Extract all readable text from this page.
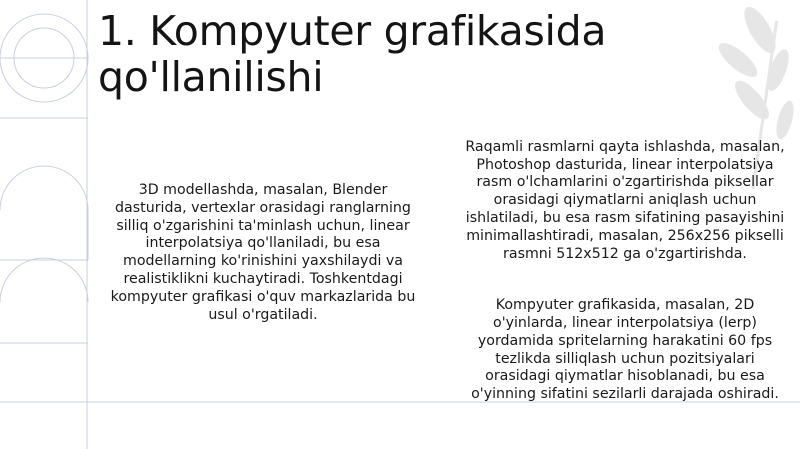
1. Kompyuter grafikasida
qo'llanilishi

3D modellashda, masalan, Blender
dasturida, vertexlar orasidagi ranglarning
silliq o'zgarishini ta'minlash uchun, linear
interpolatsiya qo'llaniladi, bu esa
modellarning ko'rinishini yaxshilaydi va
realistiklikni kuchaytiradi. Toshkentdagi
kompyuter grafikasi o'quv markazlarida bu
usul o'rgatiladi.

Raqamli rasmlarni qayta ishlashda, masalan,
Photoshop dasturida, linear interpolatsiya
rasm o'lchamlarini o'zgartirishda piksellar
orasidagi qiymatlarni aniqlash uchun
ishlatiladi, bu esa rasm sifatining pasayishini
minimallashtiradi, masalan, 256x256 pikselli
rasmni 512x512 ga o'zgartirishda.

Kompyuter grafikasida, masalan, 2D
o'yinlarda, linear interpolatsiya (lerp)
yordamida spritelarning harakatini 60 fps
tezlikda silliqlash uchun pozitsiyalari
orasidagi qiymatlar hisoblanadi, bu esa
o'yinning sifatini sezilarli darajada oshiradi.
